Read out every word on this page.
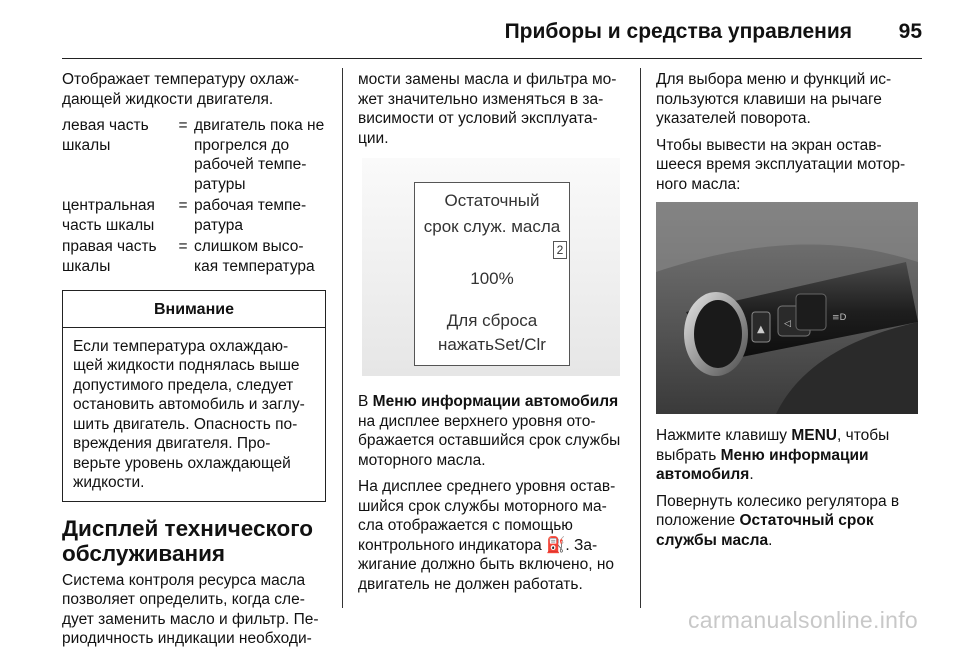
Приборы и средства управления 95

Отображает температуру охлаж-дающей жидкости двигателя.

левая часть шкалы	=	двигатель пока не прогрелся до рабочей темпе-ратуры
центральная часть шкалы	=	рабочая темпе-ратура
правая часть шкалы	=	слишком высо-кая температура
Внимание
Если температура охлаждаю-щей жидкости поднялась выше допустимого предела, следует остановить автомобиль и заглу-шить двигатель. Опасность по-вреждения двигателя. Про-верьте уровень охлаждающей жидкости.
Дисплей технического обслуживания

Система контроля ресурса масла позволяет определить, когда сле-дует заменить масло и фильтр. Пе-риодичность индикации необходи-

мости замены масла и фильтра мо-жет значительно изменяться в за-висимости от условий эксплуата-ции.

Остаточный
срок служ. масла
2
100%
Для сброса
нажатьSet/Clr

В Меню информации автомобиля на дисплее верхнего уровня ото-бражается оставшийся срок службы моторного масла.

На дисплее среднего уровня остав-шийся срок службы моторного ма-сла отображается с помощью контрольного индикатора ⛽. За-жигание должно быть включено, но двигатель не должен работать.

Для выбора меню и функций ис-пользуются клавиши на рычаге указателей поворота.

Чтобы вывести на экран остав-шееся время эксплуатации мотор-ного масла:

▲ ◁
≡D

Нажмите клавишу MENU, чтобы выбрать Меню информации автомобиля.

Повернуть колесико регулятора в положение Остаточный срок службы масла.

carmanualsonline.info
